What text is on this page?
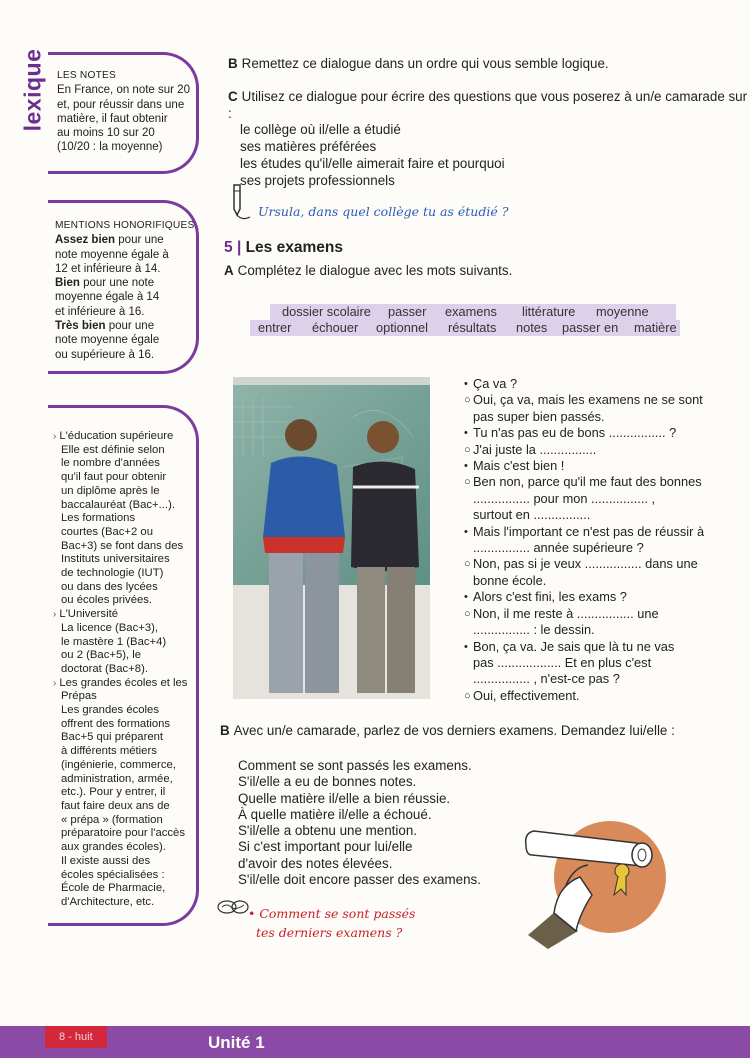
lexique LES NOTES
En France, on note sur 20
et, pour réussir dans une
matière, il faut obtenir
au moins 10 sur 20
(10/20 : la moyenne)
MENTIONS HONORIFIQUES
Assez bien pour une
note moyenne égale à
12 et inférieure à 14.
Bien pour une note
moyenne égale à 14
et inférieure à 16.
Très bien pour une
note moyenne égale
ou supérieure à 16.
› L'éducation supérieure
Elle est définie selon
le nombre d'années
qu'il faut pour obtenir
un diplôme après le
baccalauréat (Bac+...).
Les formations
courtes (Bac+2 ou
Bac+3) se font dans des
Instituts universitaires
de technologie (IUT)
ou dans des lycées
ou écoles privées.
› L'Université
La licence (Bac+3),
le mastère 1 (Bac+4)
ou 2 (Bac+5), le
doctorat (Bac+8).
› Les grandes écoles et les
Prépas
Les grandes écoles
offrent des formations
Bac+5 qui préparent
à différents métiers
(ingénierie, commerce,
administration, armée,
etc.). Pour y entrer, il
faut faire deux ans de
« prépa » (formation
préparatoire pour l'accès
aux grandes écoles).
Il existe aussi des
écoles spécialisées :
École de Pharmacie,
d'Architecture, etc.
B Remettez ce dialogue dans un ordre qui vous semble logique.
C Utilisez ce dialogue pour écrire des questions que vous poserez à un/e camarade sur :
le collège où il/elle a étudié
ses matières préférées
les études qu'il/elle aimerait faire et pourquoi
ses projets professionnels
Ursula, dans quel collège tu as étudié ?
5 | Les examens
A Complétez le dialogue avec les mots suivants.
dossier scolaire passer examens littérature moyenne
entrer échouer optionnel résultats notes passer en matière
• Ça va ?
○ Oui, ça va, mais les examens ne se sont
pas super bien passés.
• Tu n'as pas eu de bons ................ ?
○ J'ai juste la ................
• Mais c'est bien !
○ Ben non, parce qu'il me faut des bonnes
................ pour mon ................ ,
surtout en ................
• Mais l'important ce n'est pas de réussir à
................ année supérieure ?
○ Non, pas si je veux ................ dans une
bonne école.
• Alors c'est fini, les exams ?
○ Non, il me reste à ................ une
................ : le dessin.
• Bon, ça va. Je sais que là tu ne vas
pas .................. Et en plus c'est
................ , n'est-ce pas ?
○ Oui, effectivement.
B Avec un/e camarade, parlez de vos derniers examens. Demandez lui/elle :
Comment se sont passés les examens.
S'il/elle a eu de bonnes notes.
Quelle matière il/elle a bien réussie.
À quelle matière il/elle a échoué.
S'il/elle a obtenu une mention.
Si c'est important pour lui/elle
d'avoir des notes élevées.
S'il/elle doit encore passer des examens.
• Comment se sont passés
tes derniers examens ?
8 - huit	Unité 1
